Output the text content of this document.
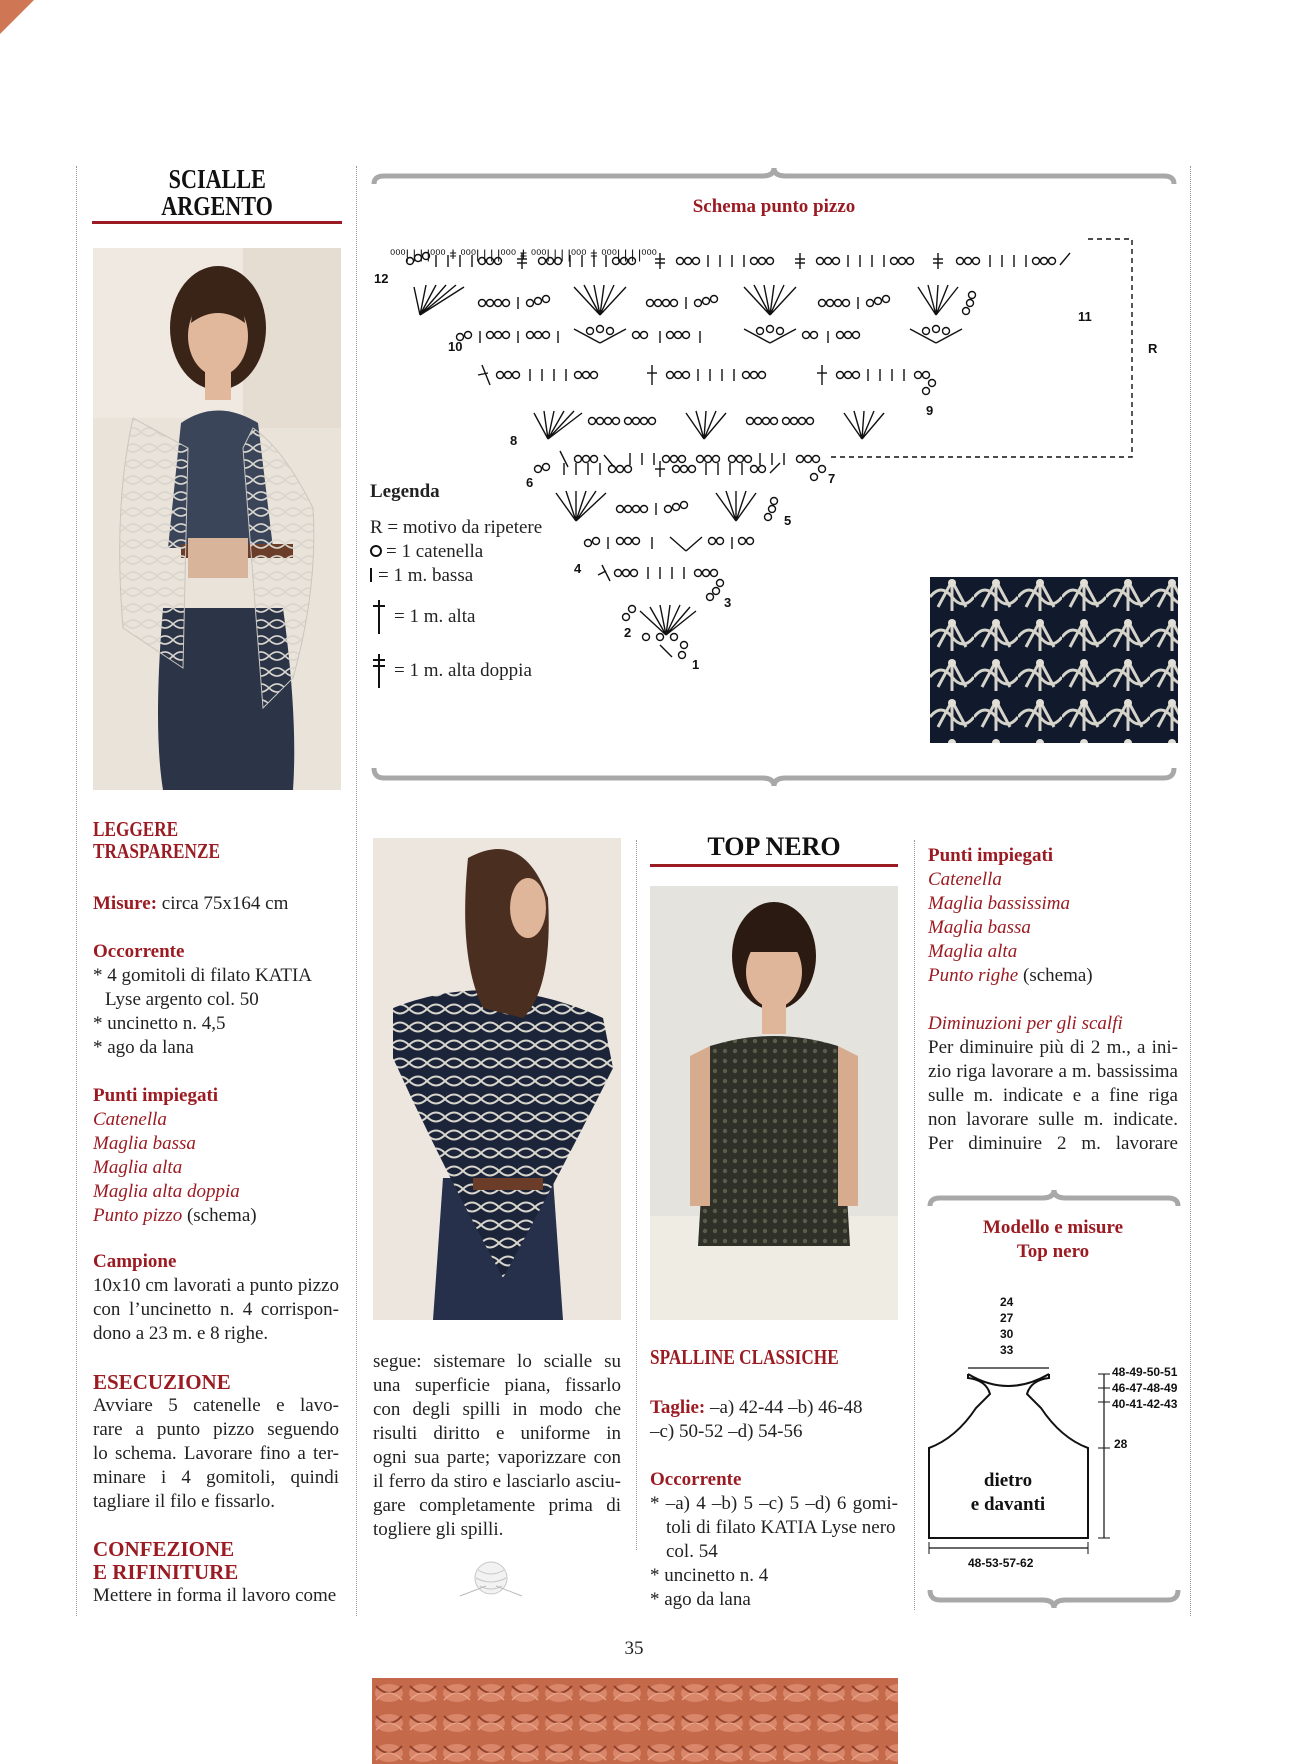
SCIALLE
ARGENTO
LEGGERE
TRASPARENZE
Misure: circa 75x164 cm
Occorrente
* 4 gomitoli di filato KATIA
Lyse argento col. 50
* uncinetto n. 4,5
* ago da lana
Punti impiegati
Catenella
Maglia bassa
Maglia alta
Maglia alta doppia
Punto pizzo (schema)
Campione
10x10 cm lavorati a punto pizzo
con l’uncinetto n. 4 corrispon-
dono a 23 m. e 8 righe.
ESECUZIONE
Avviare 5 catenelle e lavo-
rare a punto pizzo seguendo
lo schema. Lavorare fino a ter-
minare i 4 gomitoli, quindi
tagliare il filo e fissarlo.
CONFEZIONE
E RIFINITURE
Mettere in forma il lavoro come
Schema punto pizzo
⁰⁰⁰| | | |⁰⁰⁰ ǂ ⁰⁰⁰| | | |⁰⁰⁰ ǂ ⁰⁰⁰| | | |⁰⁰⁰ ǂ ⁰⁰⁰| | | |⁰⁰⁰
R
1
2
3
4
5
6	7
8
9
10
11
12
Legenda
R = motivo da ripetere
= 1 catenella
= 1 m. bassa
= 1 m. alta
= 1 m. alta doppia
segue: sistemare lo scialle su
una superficie piana, fissarlo
con degli spilli in modo che
risulti diritto e uniforme in
ogni sua parte; vaporizzare con
il ferro da stiro e lasciarlo asciu-
gare completamente prima di
togliere gli spilli.
TOP NERO
SPALLINE CLASSICHE
Taglie: –a) 42-44 –b) 46-48
–c) 50-52 –d) 54-56
Occorrente
* –a) 4 –b) 5 –c) 5 –d) 6 gomi-
toli di filato KATIA Lyse nero
col. 54
* uncinetto n. 4
* ago da lana
Punti impiegati
Catenella
Maglia bassissima
Maglia bassa
Maglia alta
Punto righe (schema)
Diminuzioni per gli scalfi
Per diminuire più di 2 m., a ini-
zio riga lavorare a m. bassissima
sulle m. indicate e a fine riga
non lavorare sulle m. indicate.
Per diminuire 2 m. lavorare
Modello e misure
Top nero
24
27
30
33
48-49-50-51
46-47-48-49
40-41-42-43
28
48-53-57-62
dietro
e davanti
35
